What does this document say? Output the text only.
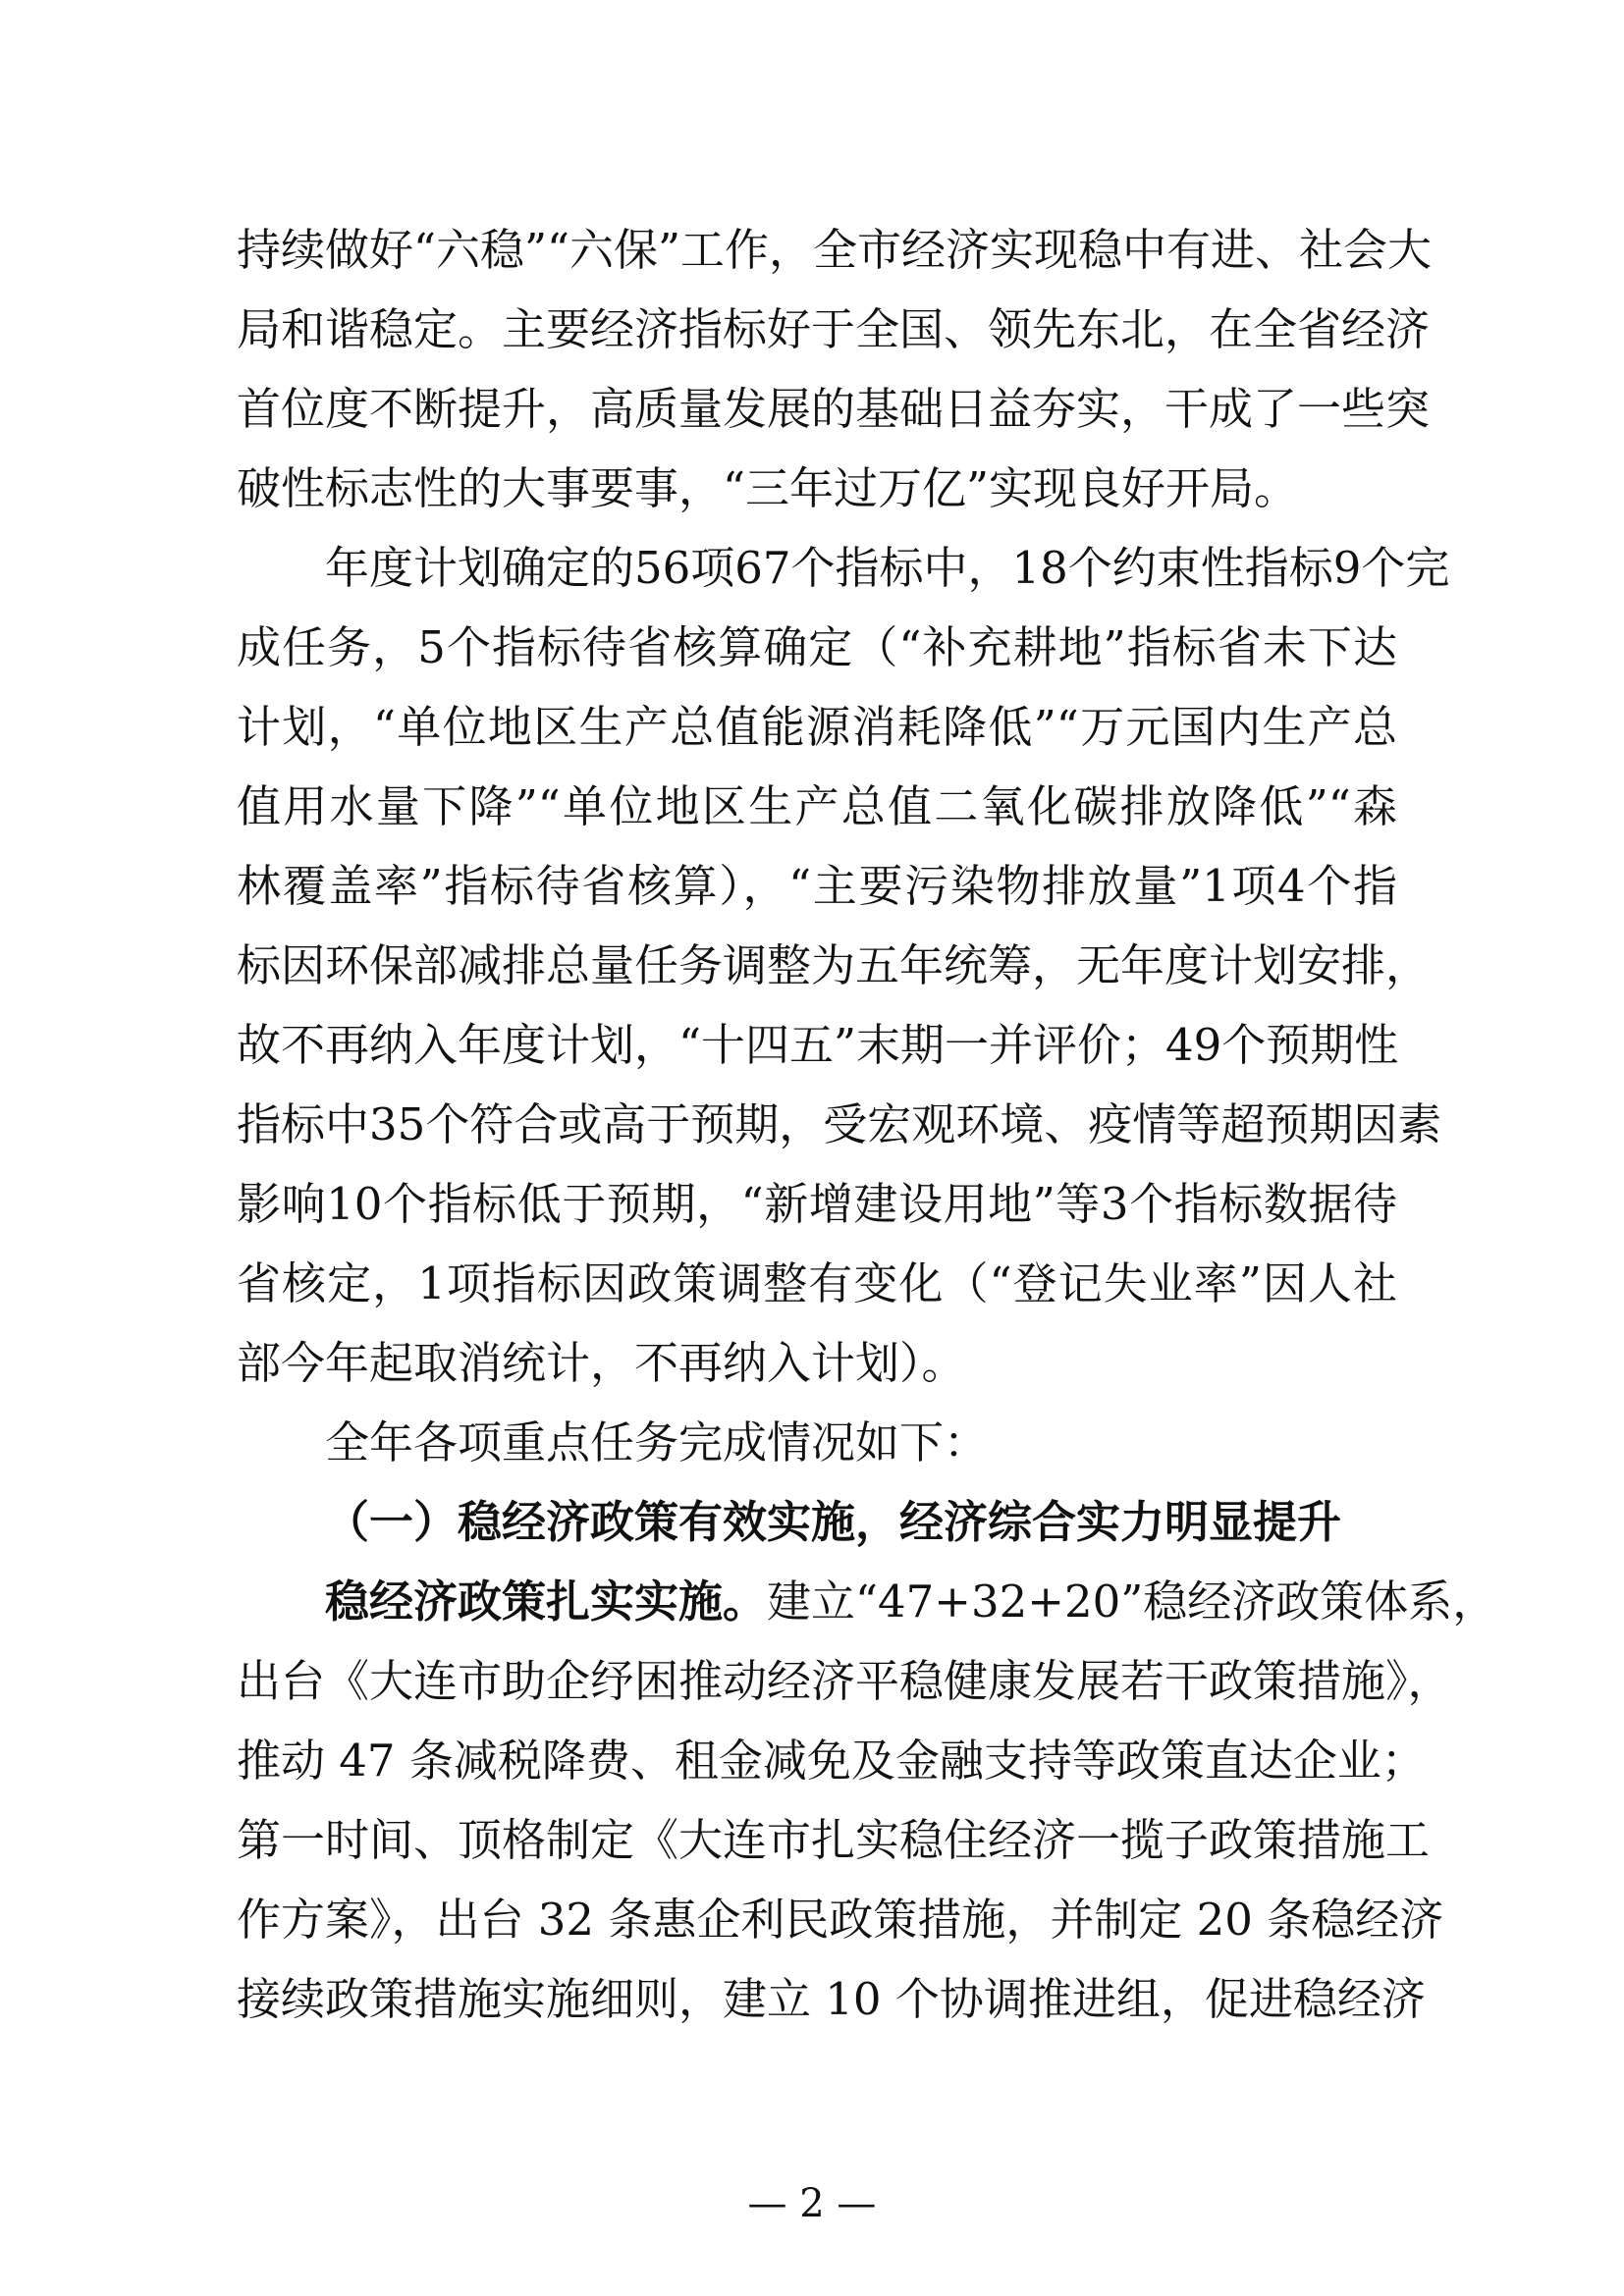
持续做好“六稳”“六保”工作，全市经济实现稳中有进、社会大
局和谐稳定。主要经济指标好于全国、领先东北，在全省经济
首位度不断提升，高质量发展的基础日益夯实，干成了一些突
破性标志性的大事要事，“三年过万亿”实现良好开局。
年度计划确定的56项67个指标中，18个约束性指标9个完
成任务，5个指标待省核算确定（“补充耕地”指标省未下达
计划，“单位地区生产总值能源消耗降低”“万元国内生产总
值用水量下降”“单位地区生产总值二氧化碳排放降低”“森
林覆盖率”指标待省核算），“主要污染物排放量”1项4个指
标因环保部减排总量任务调整为五年统筹，无年度计划安排，
故不再纳入年度计划，“十四五”末期一并评价；49个预期性
指标中35个符合或高于预期，受宏观环境、疫情等超预期因素
影响10个指标低于预期，“新增建设用地”等3个指标数据待
省核定，1项指标因政策调整有变化（“登记失业率”因人社
部今年起取消统计，不再纳入计划）。
全年各项重点任务完成情况如下：
（一）稳经济政策有效实施，经济综合实力明显提升
稳经济政策扎实实施。建立“47+32+20”稳经济政策体系，
出台《大连市助企纾困推动经济平稳健康发展若干政策措施》，
推动 47 条减税降费、租金减免及金融支持等政策直达企业；
第一时间、顶格制定《大连市扎实稳住经济一揽子政策措施工
作方案》，出台 32 条惠企利民政策措施，并制定 20 条稳经济
接续政策措施实施细则，建立 10 个协调推进组，促进稳经济
— 2 —
